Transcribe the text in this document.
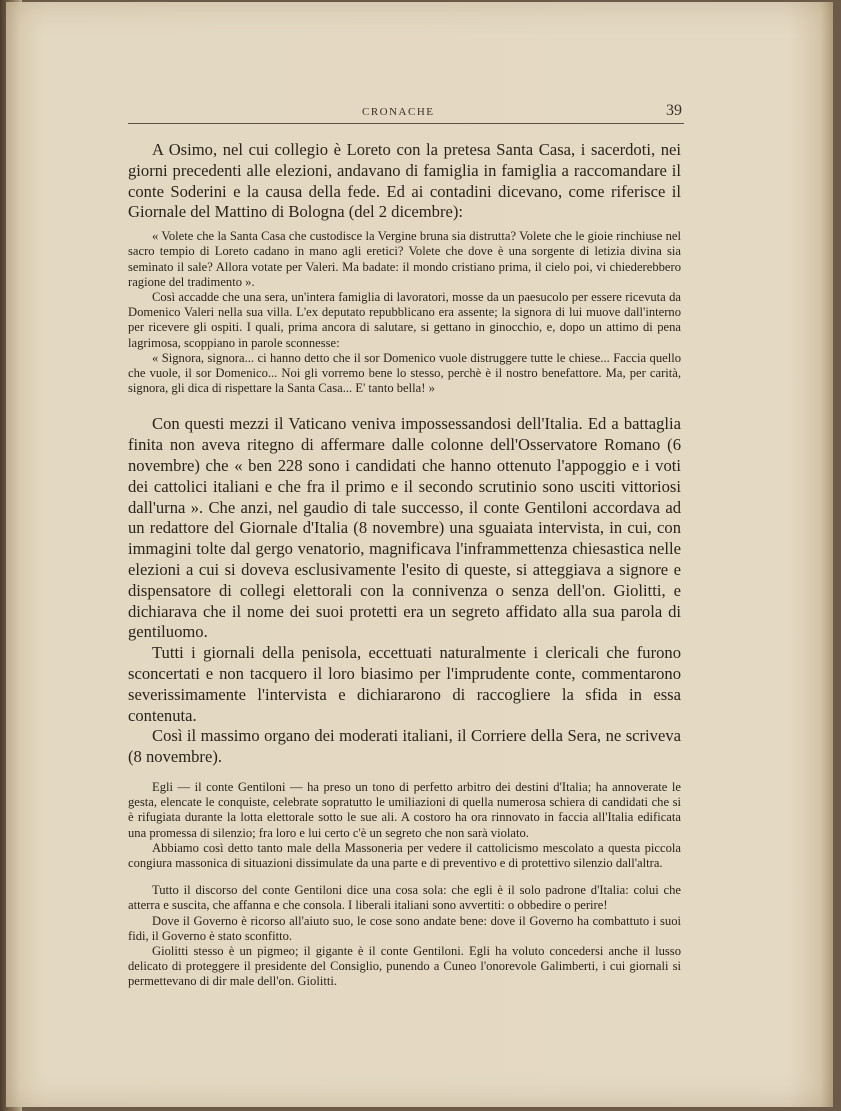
CRONACHE	39

A Osimo, nel cui collegio è Loreto con la pretesa Santa Casa, i sacerdoti, nei giorni precedenti alle elezioni, andavano di famiglia in famiglia a raccomandare il conte Soderini e la causa della fede. Ed ai contadini dicevano, come riferisce il Giornale del Mattino di Bologna (del 2 dicembre):

« Volete che la Santa Casa che custodisce la Vergine bruna sia distrutta? Volete che le gioie rinchiuse nel sacro tempio di Loreto cadano in mano agli eretici? Volete che dove è una sorgente di letizia divina sia seminato il sale? Allora votate per Valeri. Ma badate: il mondo cristiano prima, il cielo poi, vi chiederebbero ragione del tradimento ».

Così accadde che una sera, un'intera famiglia di lavoratori, mosse da un paesucolo per essere ricevuta da Domenico Valeri nella sua villa. L'ex deputato repubblicano era assente; la signora di lui muove dall'interno per ricevere gli ospiti. I quali, prima ancora di salutare, si gettano in ginocchio, e, dopo un attimo di pena lagrimosa, scoppiano in parole sconnesse:

« Signora, signora... ci hanno detto che il sor Domenico vuole distruggere tutte le chiese... Faccia quello che vuole, il sor Domenico... Noi gli vorremo bene lo stesso, perchè è il nostro benefattore. Ma, per carità, signora, gli dica di rispettare la Santa Casa... E' tanto bella! »

Con questi mezzi il Vaticano veniva impossessandosi dell'Italia. Ed a battaglia finita non aveva ritegno di affermare dalle colonne dell'Osservatore Romano (6 novembre) che « ben 228 sono i candidati che hanno ottenuto l'appoggio e i voti dei cattolici italiani e che fra il primo e il secondo scrutinio sono usciti vittoriosi dall'urna ». Che anzi, nel gaudio di tale successo, il conte Gentiloni accordava ad un redattore del Giornale d'Italia (8 novembre) una sguaiata intervista, in cui, con immagini tolte dal gergo venatorio, magnificava l'inframmettenza chiesastica nelle elezioni a cui si doveva esclusivamente l'esito di queste, si atteggiava a signore e dispensatore di collegi elettorali con la connivenza o senza dell'on. Giolitti, e dichiarava che il nome dei suoi protetti era un segreto affidato alla sua parola di gentiluomo.

Tutti i giornali della penisola, eccettuati naturalmente i clericali che furono sconcertati e non tacquero il loro biasimo per l'imprudente conte, commentarono severissimamente l'intervista e dichiararono di raccogliere la sfida in essa contenuta.

Così il massimo organo dei moderati italiani, il Corriere della Sera, ne scriveva (8 novembre).

Egli — il conte Gentiloni — ha preso un tono di perfetto arbitro dei destini d'Italia; ha annoverate le gesta, elencate le conquiste, celebrate sopratutto le umiliazioni di quella numerosa schiera di candidati che si è rifugiata durante la lotta elettorale sotto le sue ali. A costoro ha ora rinnovato in faccia all'Italia edificata una promessa di silenzio; fra loro e lui certo c'è un segreto che non sarà violato.

Abbiamo così detto tanto male della Massoneria per vedere il cattolicismo mescolato a questa piccola congiura massonica di situazioni dissimulate da una parte e di preventivo e di protettivo silenzio dall'altra.

Tutto il discorso del conte Gentiloni dice una cosa sola: che egli è il solo padrone d'Italia: colui che atterra e suscita, che affanna e che consola. I liberali italiani sono avvertiti: o obbedire o perire!

Dove il Governo è ricorso all'aiuto suo, le cose sono andate bene: dove il Governo ha combattuto i suoi fidi, il Governo è stato sconfitto.

Giolitti stesso è un pigmeo; il gigante è il conte Gentiloni. Egli ha voluto concedersi anche il lusso delicato di proteggere il presidente del Consiglio, punendo a Cuneo l'onorevole Galimberti, i cui giornali si permettevano di dir male dell'on. Giolitti.
